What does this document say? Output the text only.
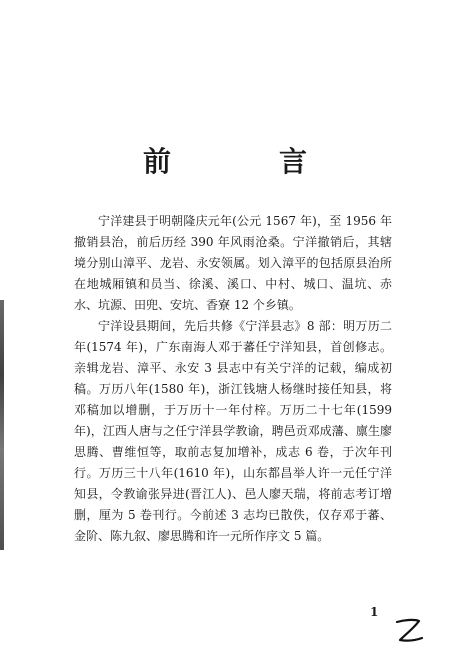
前　言

宁洋建县于明朝隆庆元年(公元 1567 年)，至 1956 年撤销县治，前后历经 390 年风雨沧桑。宁洋撤销后，其辖境分别山漳平、龙岩、永安领属。划入漳平的包括原县治所在地城厢镇和员当、徐溪、溪口、中村、城口、温坑、赤水、坑源、田兜、安坑、香寮 12 个乡镇。

宁洋设县期间，先后共修《宁洋县志》8 部：明万历二年(1574 年)，广东南海人邓于蕃任宁洋知县，首创修志。亲辑龙岩、漳平、永安 3 县志中有关宁洋的记载，编成初稿。万历八年(1580 年)，浙江钱塘人杨继时接任知县，将邓稿加以增删，于万历十一年付梓。万历二十七年(1599 年)，江西人唐与之任宁洋县学教谕，聘邑贡邓成藩、廪生廖思腾、曹维恒等，取前志复加增补，成志 6 卷，于次年刊行。万历三十八年(1610 年)，山东都昌举人许一元任宁洋知县，令教谕张异进(晋江人)、邑人廖天瑞，将前志考订增删，厘为 5 卷刊行。今前述 3 志均已散佚，仅存邓于蕃、金阶、陈九叙、廖思腾和许一元所作序文 5 篇。

1
